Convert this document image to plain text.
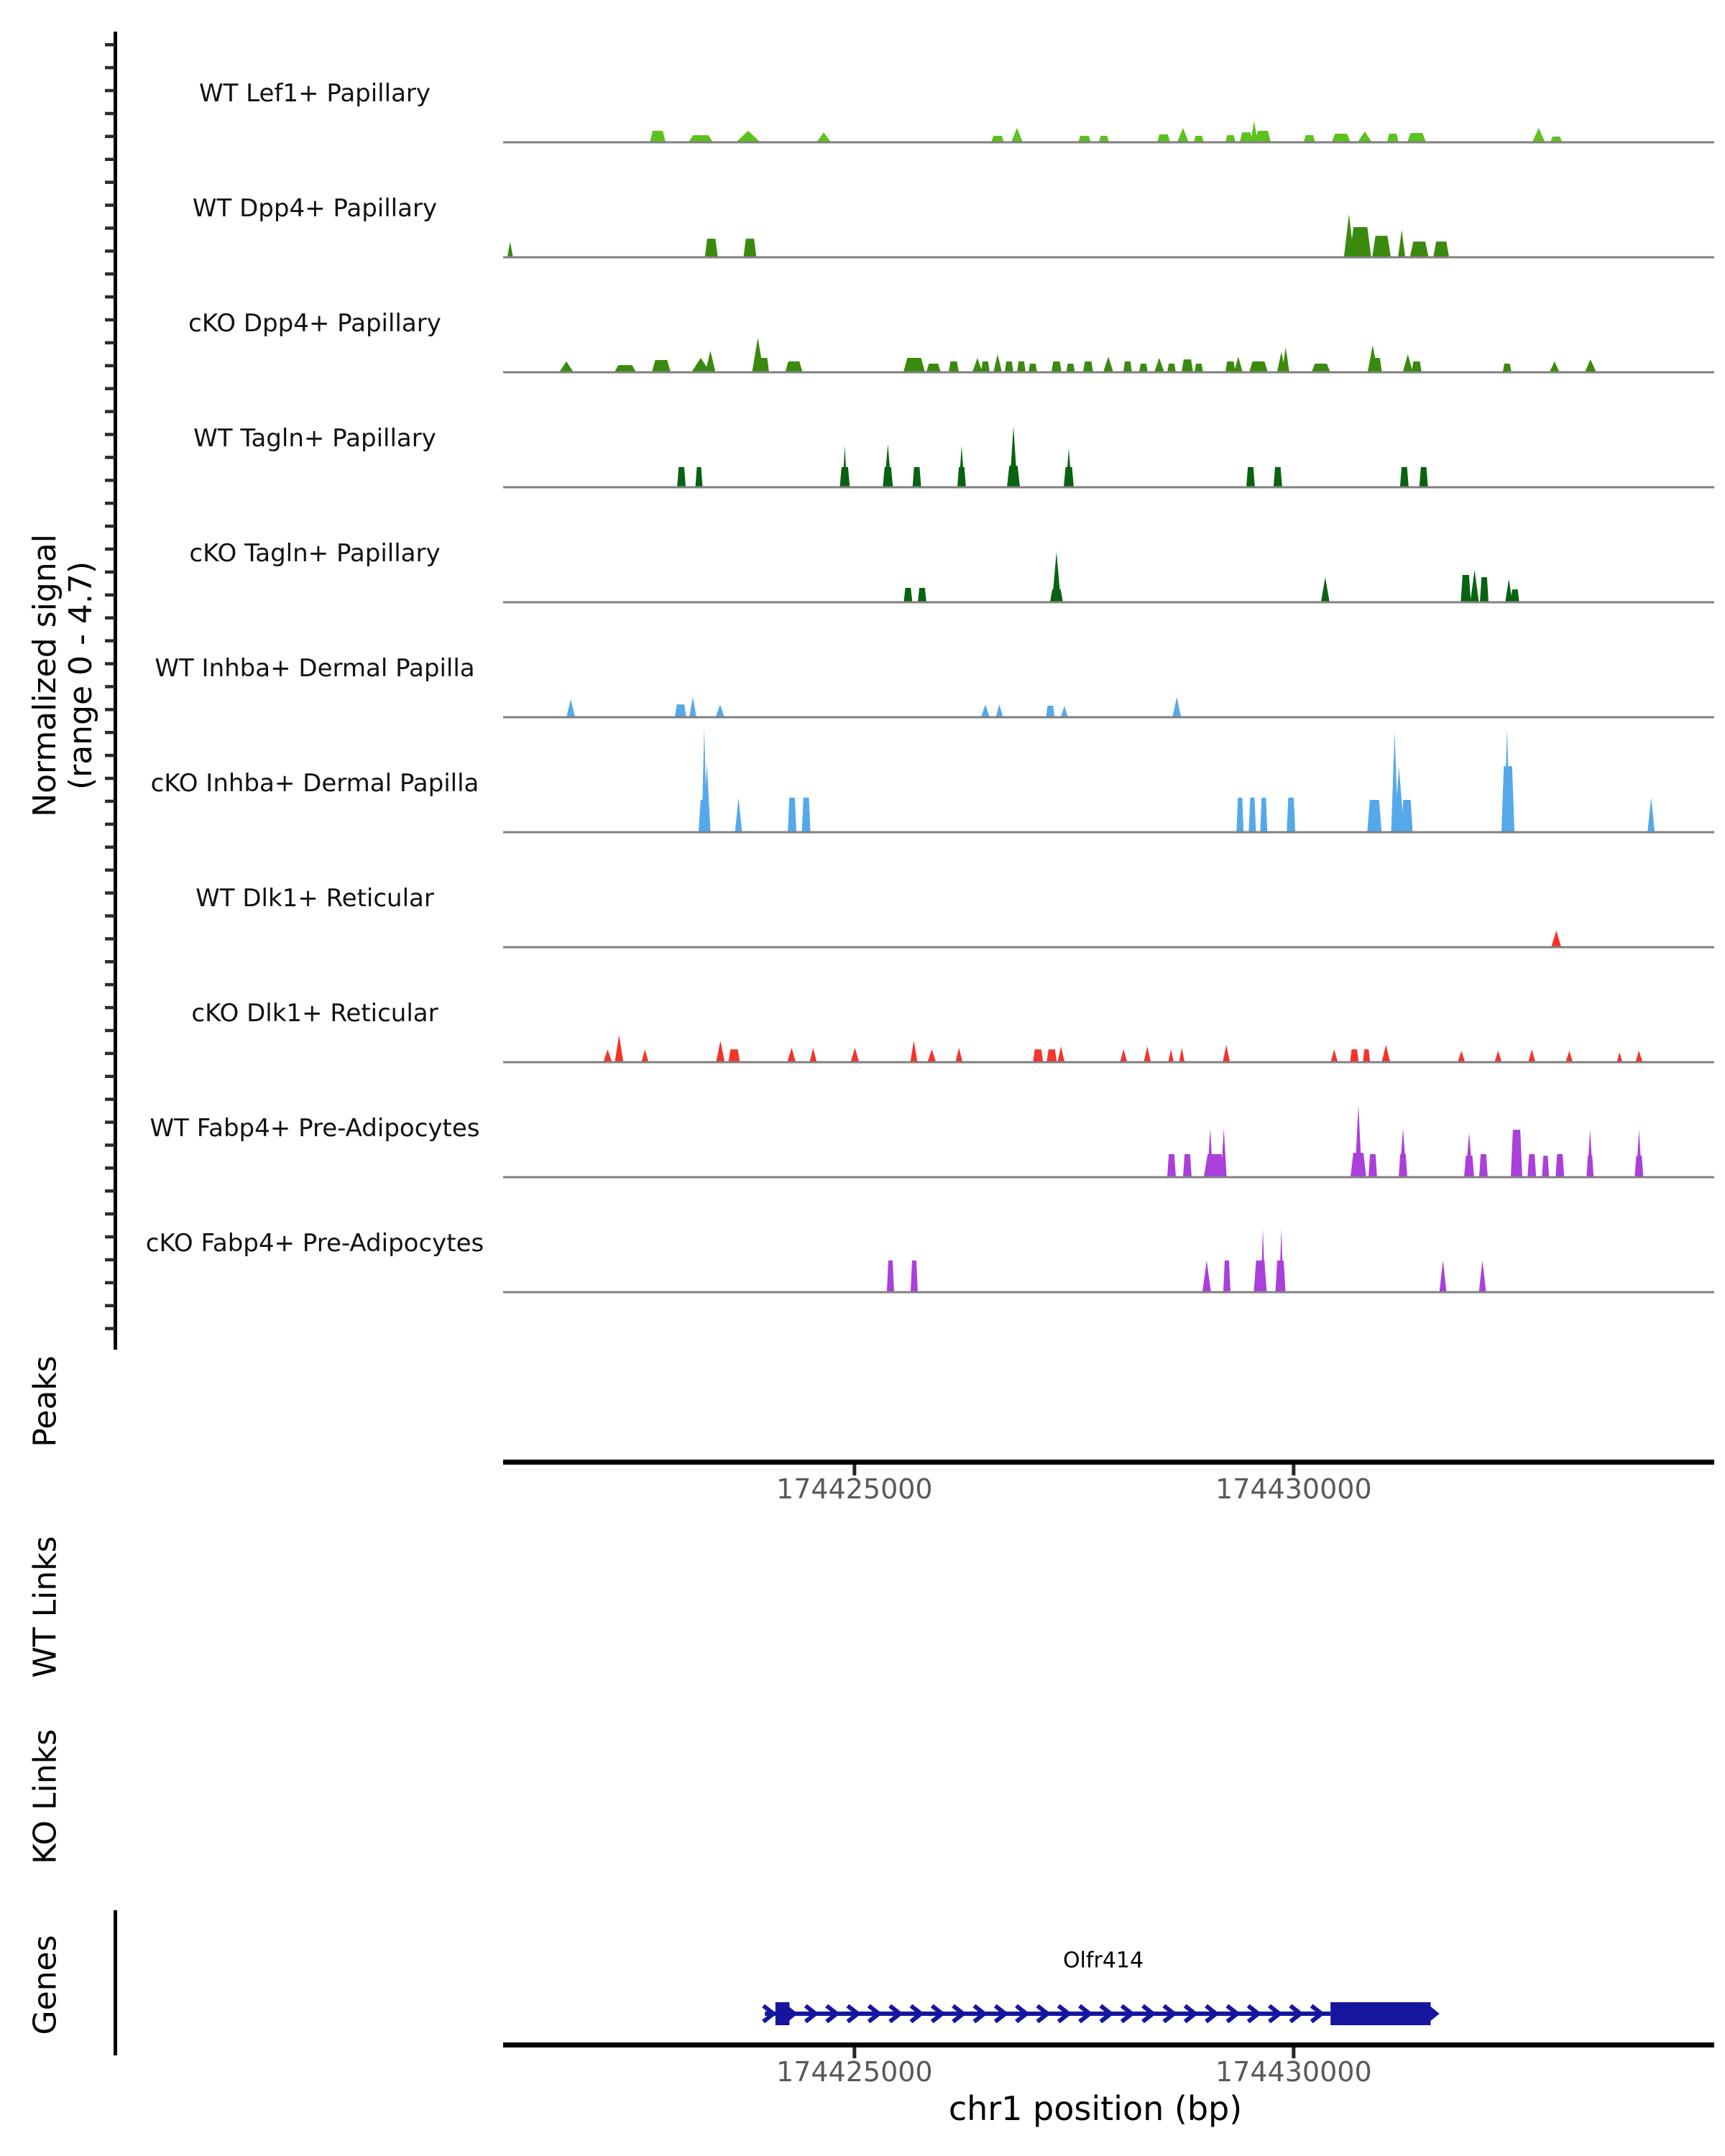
Normalized signal (range 0 - 4.7)
Peaks
WT Links
KO Links
Genes	Olfr414
chr1 position (bp)
WT Lef1+ Papillary
WT Dpp4+ Papillary
cKO Dpp4+ Papillary
WT Tagln+ Papillary
cKO Tagln+ Papillary
WT Inhba+ Dermal Papilla
cKO Inhba+ Dermal Papilla
WT Dlk1+ Reticular
cKO Dlk1+ Reticular
WT Fabp4+ Pre-Adipocytes
cKO Fabp4+ Pre-Adipocytes
174425000	174430000
174425000	174430000
